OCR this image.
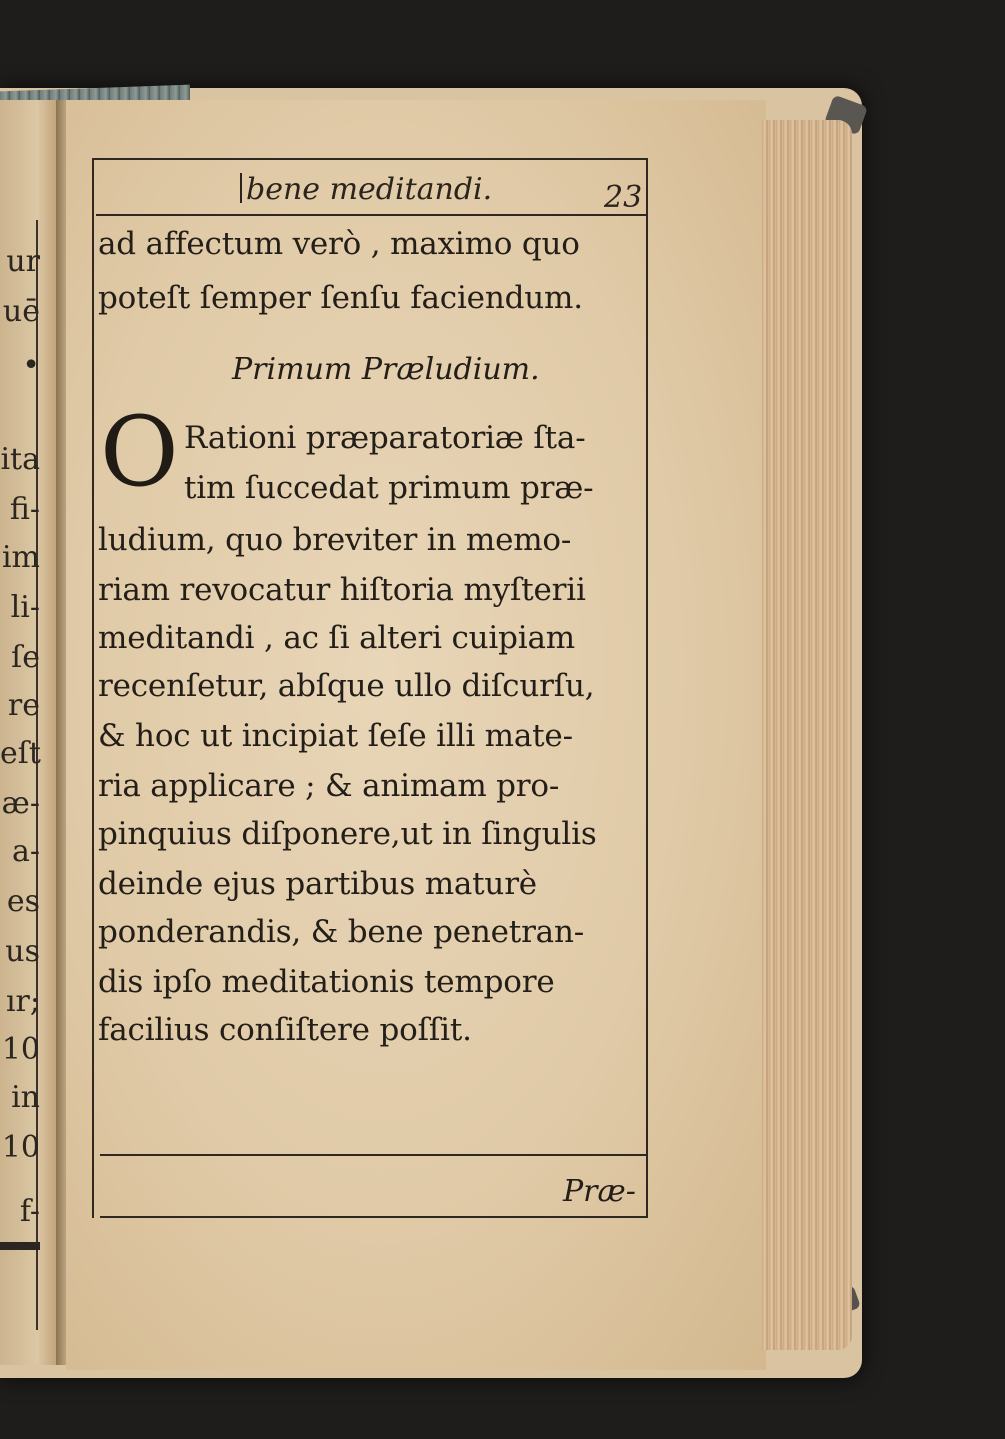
ur
uē
•
ita
fi-
im
li-
ſe
re
eſt
æ-
a-
es
us
ır;
10
in
10
f-
bene meditandi.	23
ad affectum verò , maximo quo
poteſt ſemper ſenſu faciendum.
Primum Præludium.
O Rationi præparatoriæ ſta-
tim ſuccedat primum præ-
ludium, quo breviter in memo-
riam revocatur hiſtoria myſterii
meditandi , ac ſi alteri cuipiam
recenſetur, abſque ullo diſcurſu,
& hoc ut incipiat ſeſe illi mate-
ria applicare ; & animam pro-
pinquius diſponere,ut in ſingulis
deinde ejus partibus maturè
ponderandis, & bene penetran-
dis ipſo meditationis tempore
facilius conſiſtere poſſit.
Præ-
